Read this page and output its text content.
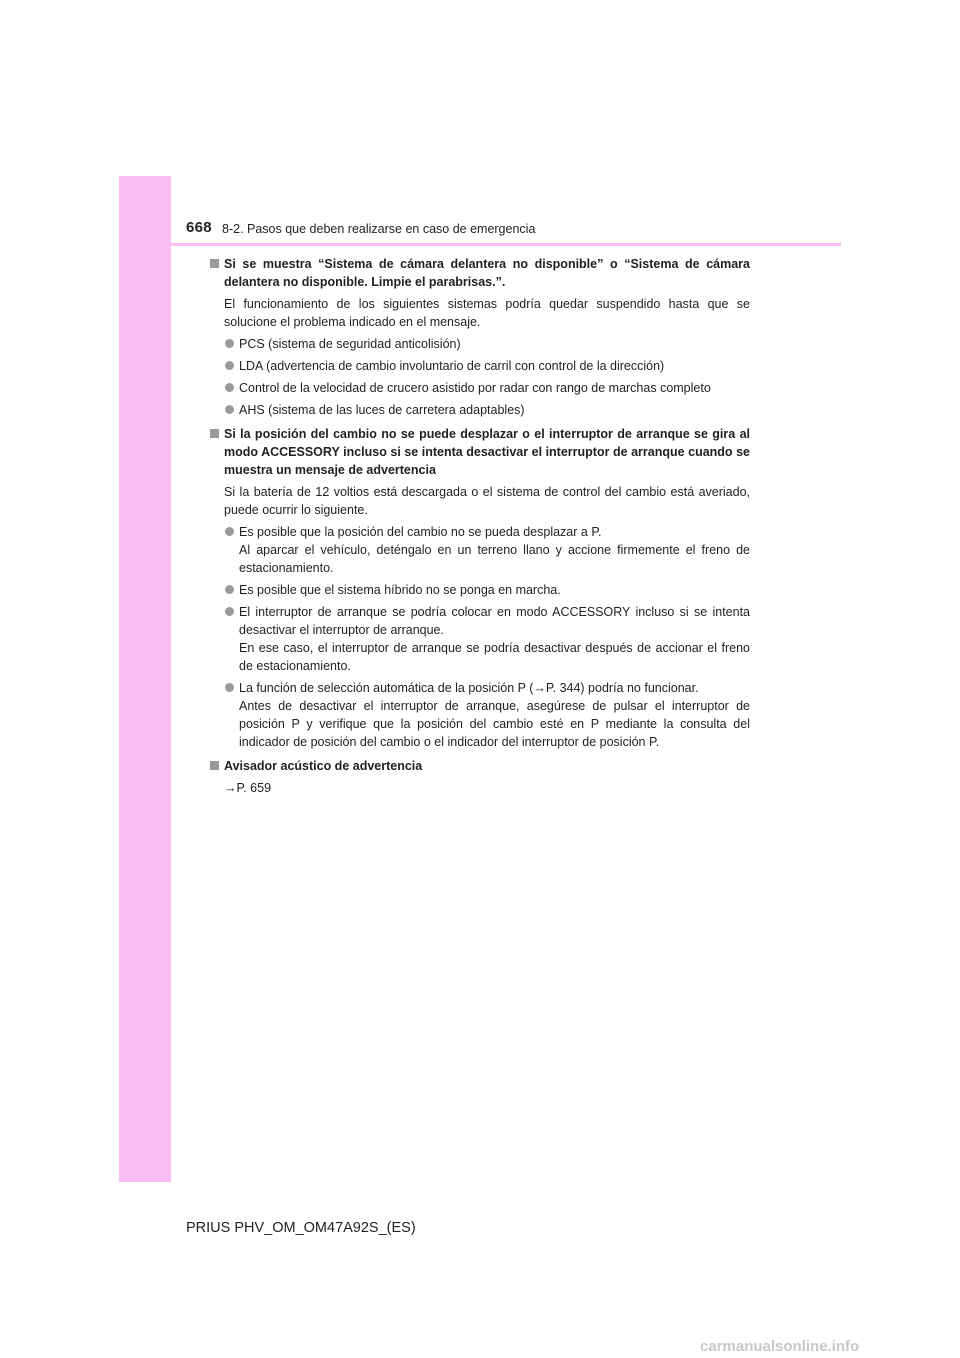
668 8-2. Pasos que deben realizarse en caso de emergencia
Si se muestra “Sistema de cámara delantera no disponible” o “Sistema de cámara delantera no disponible. Limpie el parabrisas.”.
El funcionamiento de los siguientes sistemas podría quedar suspendido hasta que se solucione el problema indicado en el mensaje.

PCS (sistema de seguridad anticolisión)

LDA (advertencia de cambio involuntario de carril con control de la dirección)

Control de la velocidad de crucero asistido por radar con rango de marchas completo

AHS (sistema de las luces de carretera adaptables)

Si la posición del cambio no se puede desplazar o el interruptor de arranque se gira al modo ACCESSORY incluso si se intenta desactivar el interruptor de arranque cuando se muestra un mensaje de advertencia
Si la batería de 12 voltios está descargada o el sistema de control del cambio está averiado, puede ocurrir lo siguiente.

Es posible que la posición del cambio no se pueda desplazar a P.

Al aparcar el vehículo, deténgalo en un terreno llano y accione firmemente el freno de estacionamiento.

Es posible que el sistema híbrido no se ponga en marcha.

El interruptor de arranque se podría colocar en modo ACCESSORY incluso si se intenta desactivar el interruptor de arranque.

En ese caso, el interruptor de arranque se podría desactivar después de accionar el freno de estacionamiento.

La función de selección automática de la posición P (→P. 344) podría no funcionar.

Antes de desactivar el interruptor de arranque, asegúrese de pulsar el interruptor de posición P y verifique que la posición del cambio esté en P mediante la consulta del indicador de posición del cambio o el indicador del interruptor de posición P.

Avisador acústico de advertencia
→P. 659
PRIUS PHV_OM_OM47A92S_(ES)
carmanualsonline.info
